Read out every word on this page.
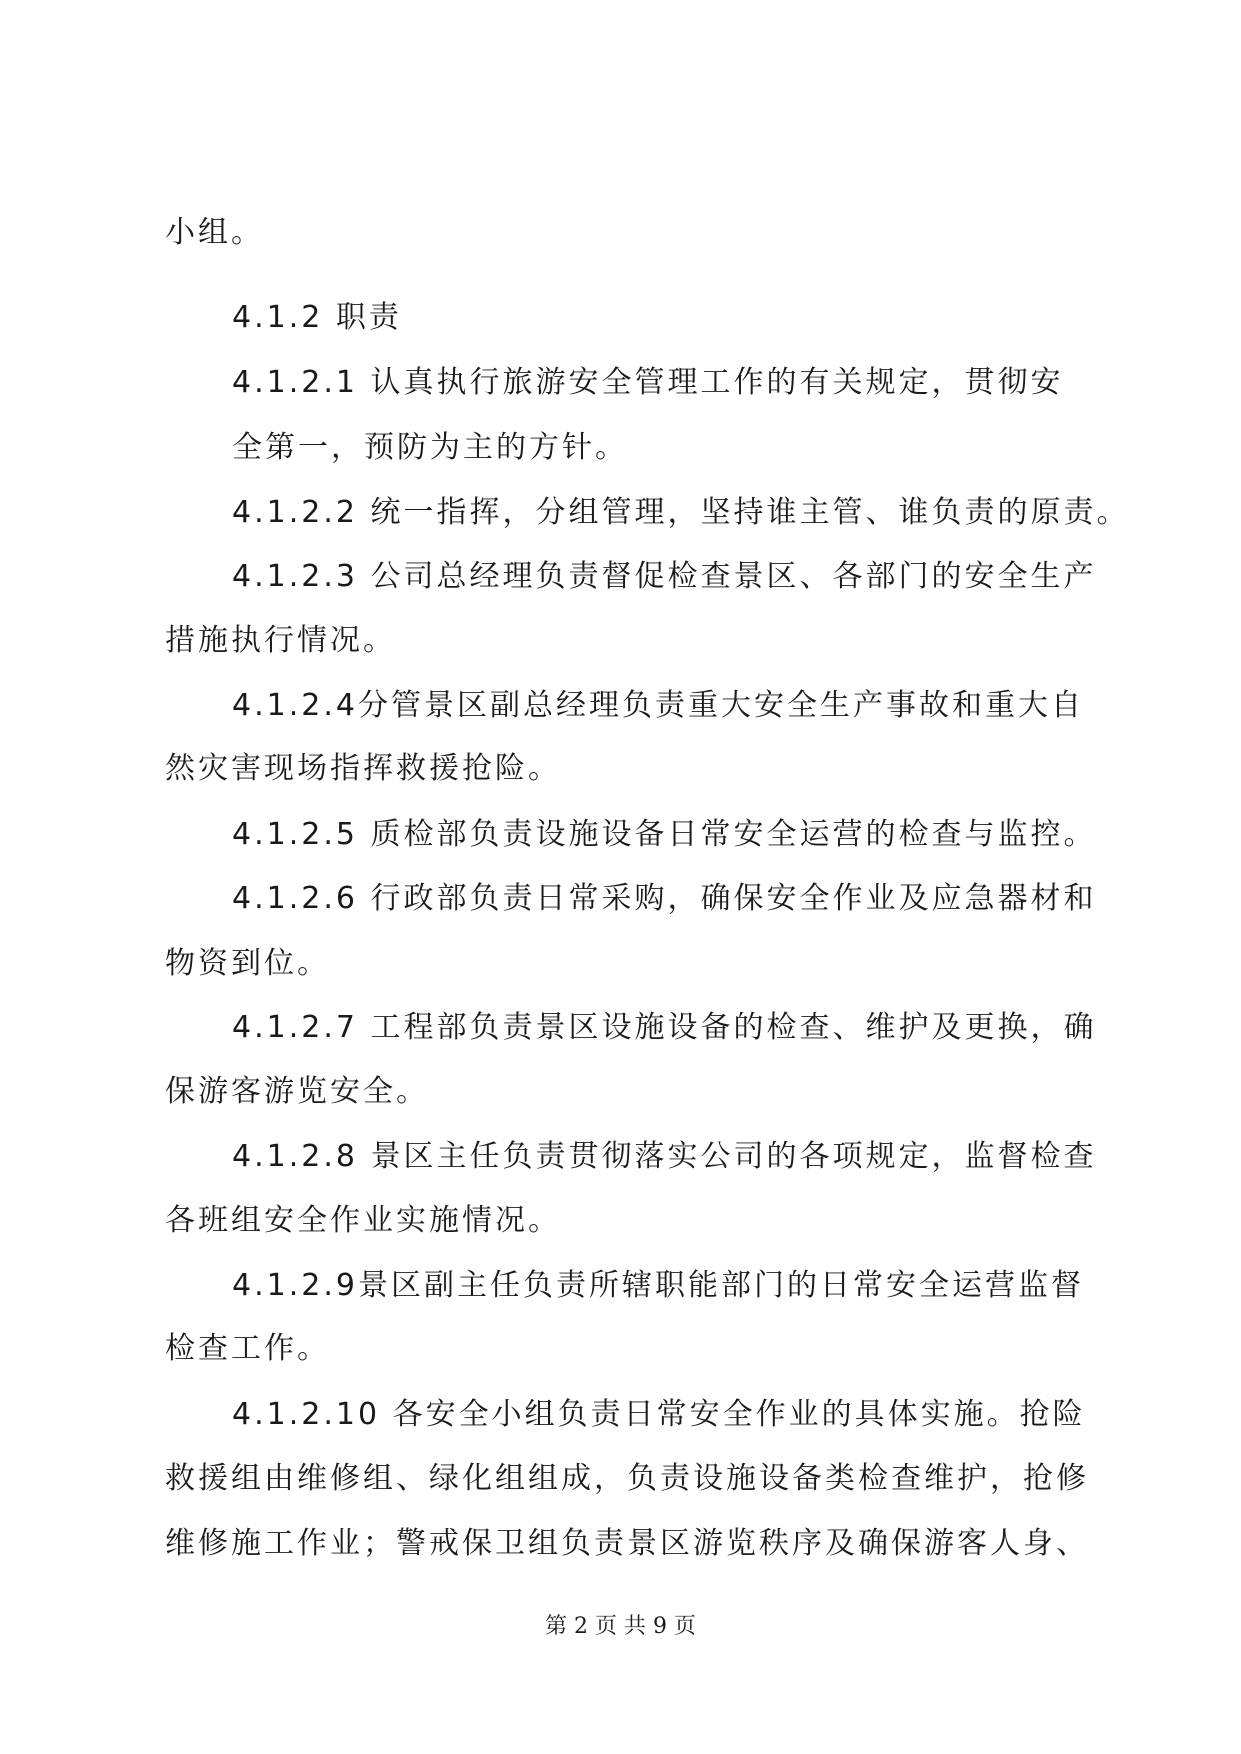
小组。

4.1.2 职责

4.1.2.1 认真执行旅游安全管理工作的有关规定，贯彻安

全第一，预防为主的方针。

4.1.2.2 统一指挥，分组管理，坚持谁主管、谁负责的原责。

4.1.2.3 公司总经理负责督促检查景区、各部门的安全生产

措施执行情况。

4.1.2.4分管景区副总经理负责重大安全生产事故和重大自

然灾害现场指挥救援抢险。

4.1.2.5 质检部负责设施设备日常安全运营的检查与监控。

4.1.2.6 行政部负责日常采购，确保安全作业及应急器材和

物资到位。

4.1.2.7 工程部负责景区设施设备的检查、维护及更换，确

保游客游览安全。

4.1.2.8 景区主任负责贯彻落实公司的各项规定，监督检查

各班组安全作业实施情况。

4.1.2.9景区副主任负责所辖职能部门的日常安全运营监督

检查工作。

4.1.2.10 各安全小组负责日常安全作业的具体实施。抢险

救援组由维修组、绿化组组成，负责设施设备类检查维护，抢修

维修施工作业；警戒保卫组负责景区游览秩序及确保游客人身、

第 2 页 共 9 页
